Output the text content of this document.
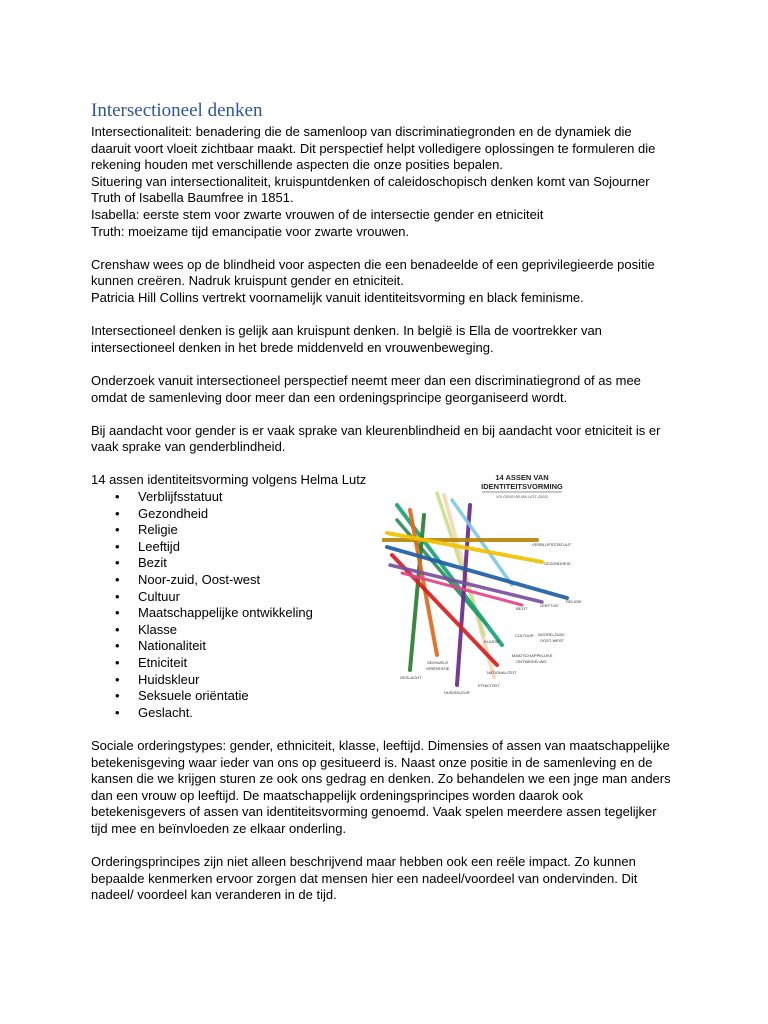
Intersectioneel denken

Intersectionaliteit: benadering die de samenloop van discriminatiegronden en de dynamiek die

daaruit voort vloeit zichtbaar maakt. Dit perspectief helpt volledigere oplossingen te formuleren die

rekening houden met verschillende aspecten die onze posities bepalen.

Situering van intersectionaliteit, kruispuntdenken of caleidoschopisch denken komt van Sojourner

Truth of Isabella Baumfree in 1851.

Isabella: eerste stem voor zwarte vrouwen of de intersectie gender en etniciteit

Truth: moeizame tijd emancipatie voor zwarte vrouwen.

Crenshaw wees op de blindheid voor aspecten die een benadeelde of een geprivilegieerde positie

kunnen creëren. Nadruk kruispunt gender en etniciteit.

Patricia Hill Collins vertrekt voornamelijk vanuit identiteitsvorming en black feminisme.

Intersectioneel denken is gelijk aan kruispunt denken. In belgië is Ella de voortrekker van

intersectioneel denken in het brede middenveld en vrouwenbeweging.

Onderzoek vanuit intersectioneel perspectief neemt meer dan een discriminatiegrond of as mee

omdat de samenleving door meer dan een ordeningsprincipe georganiseerd wordt.

Bij aandacht voor gender is er vaak sprake van kleurenblindheid en bij aandacht voor etniciteit is er

vaak sprake van genderblindheid.

14 assen identiteitsvorming volgens Helma Lutz

• Verblijfsstatuut
• Gezondheid
• Religie
• Leeftijd
• Bezit
• Noor-zuid, Oost-west
• Cultuur
• Maatschappelijke ontwikkeling
• Klasse
• Nationaliteit
• Etniciteit
• Huidskleur
• Seksuele oriëntatie
• Geslacht.

Sociale orderingstypes: gender, ethniciteit, klasse, leeftijd. Dimensies of assen van maatschappelijke

betekenisgeving waar ieder van ons op gesitueerd is. Naast onze positie in de samenleving en de

kansen die we krijgen sturen ze ook ons gedrag en denken. Zo behandelen we een jnge man anders

dan een vrouw op leeftijd. De maatschappelijk ordeningsprincipes worden daarok ook

betekenisgevers of assen van identiteitsvorming genoemd. Vaak spelen meerdere assen tegelijker

tijd mee en beïnvloeden ze elkaar onderling.

Orderingsprincipes zijn niet alleen beschrijvend maar hebben ook een reële impact. Zo kunnen

bepaalde kenmerken ervoor zorgen dat mensen hier een nadeel/voordeel van ondervinden. Dit

nadeel/ voordeel kan veranderen in de tijd.

14 ASSEN VAN
IDENTITEITSVORMING
VOLGENS HELMA LUTZ (2002)
VERBLIJFSSTATUUT
GEZONDHEID
RELIGIE
LEEFTIJD
BEZIT
CULTUUR NOORD-ZUID/
OOST-WEST
KLASSE
MAATSCHAPPELIJKE
ONTWIKKELING
NATIONALITEIT
SEKSUELE
ORIËNTATIE
GESLACHT
HUIDSKLEUR
ETNICITEIT
